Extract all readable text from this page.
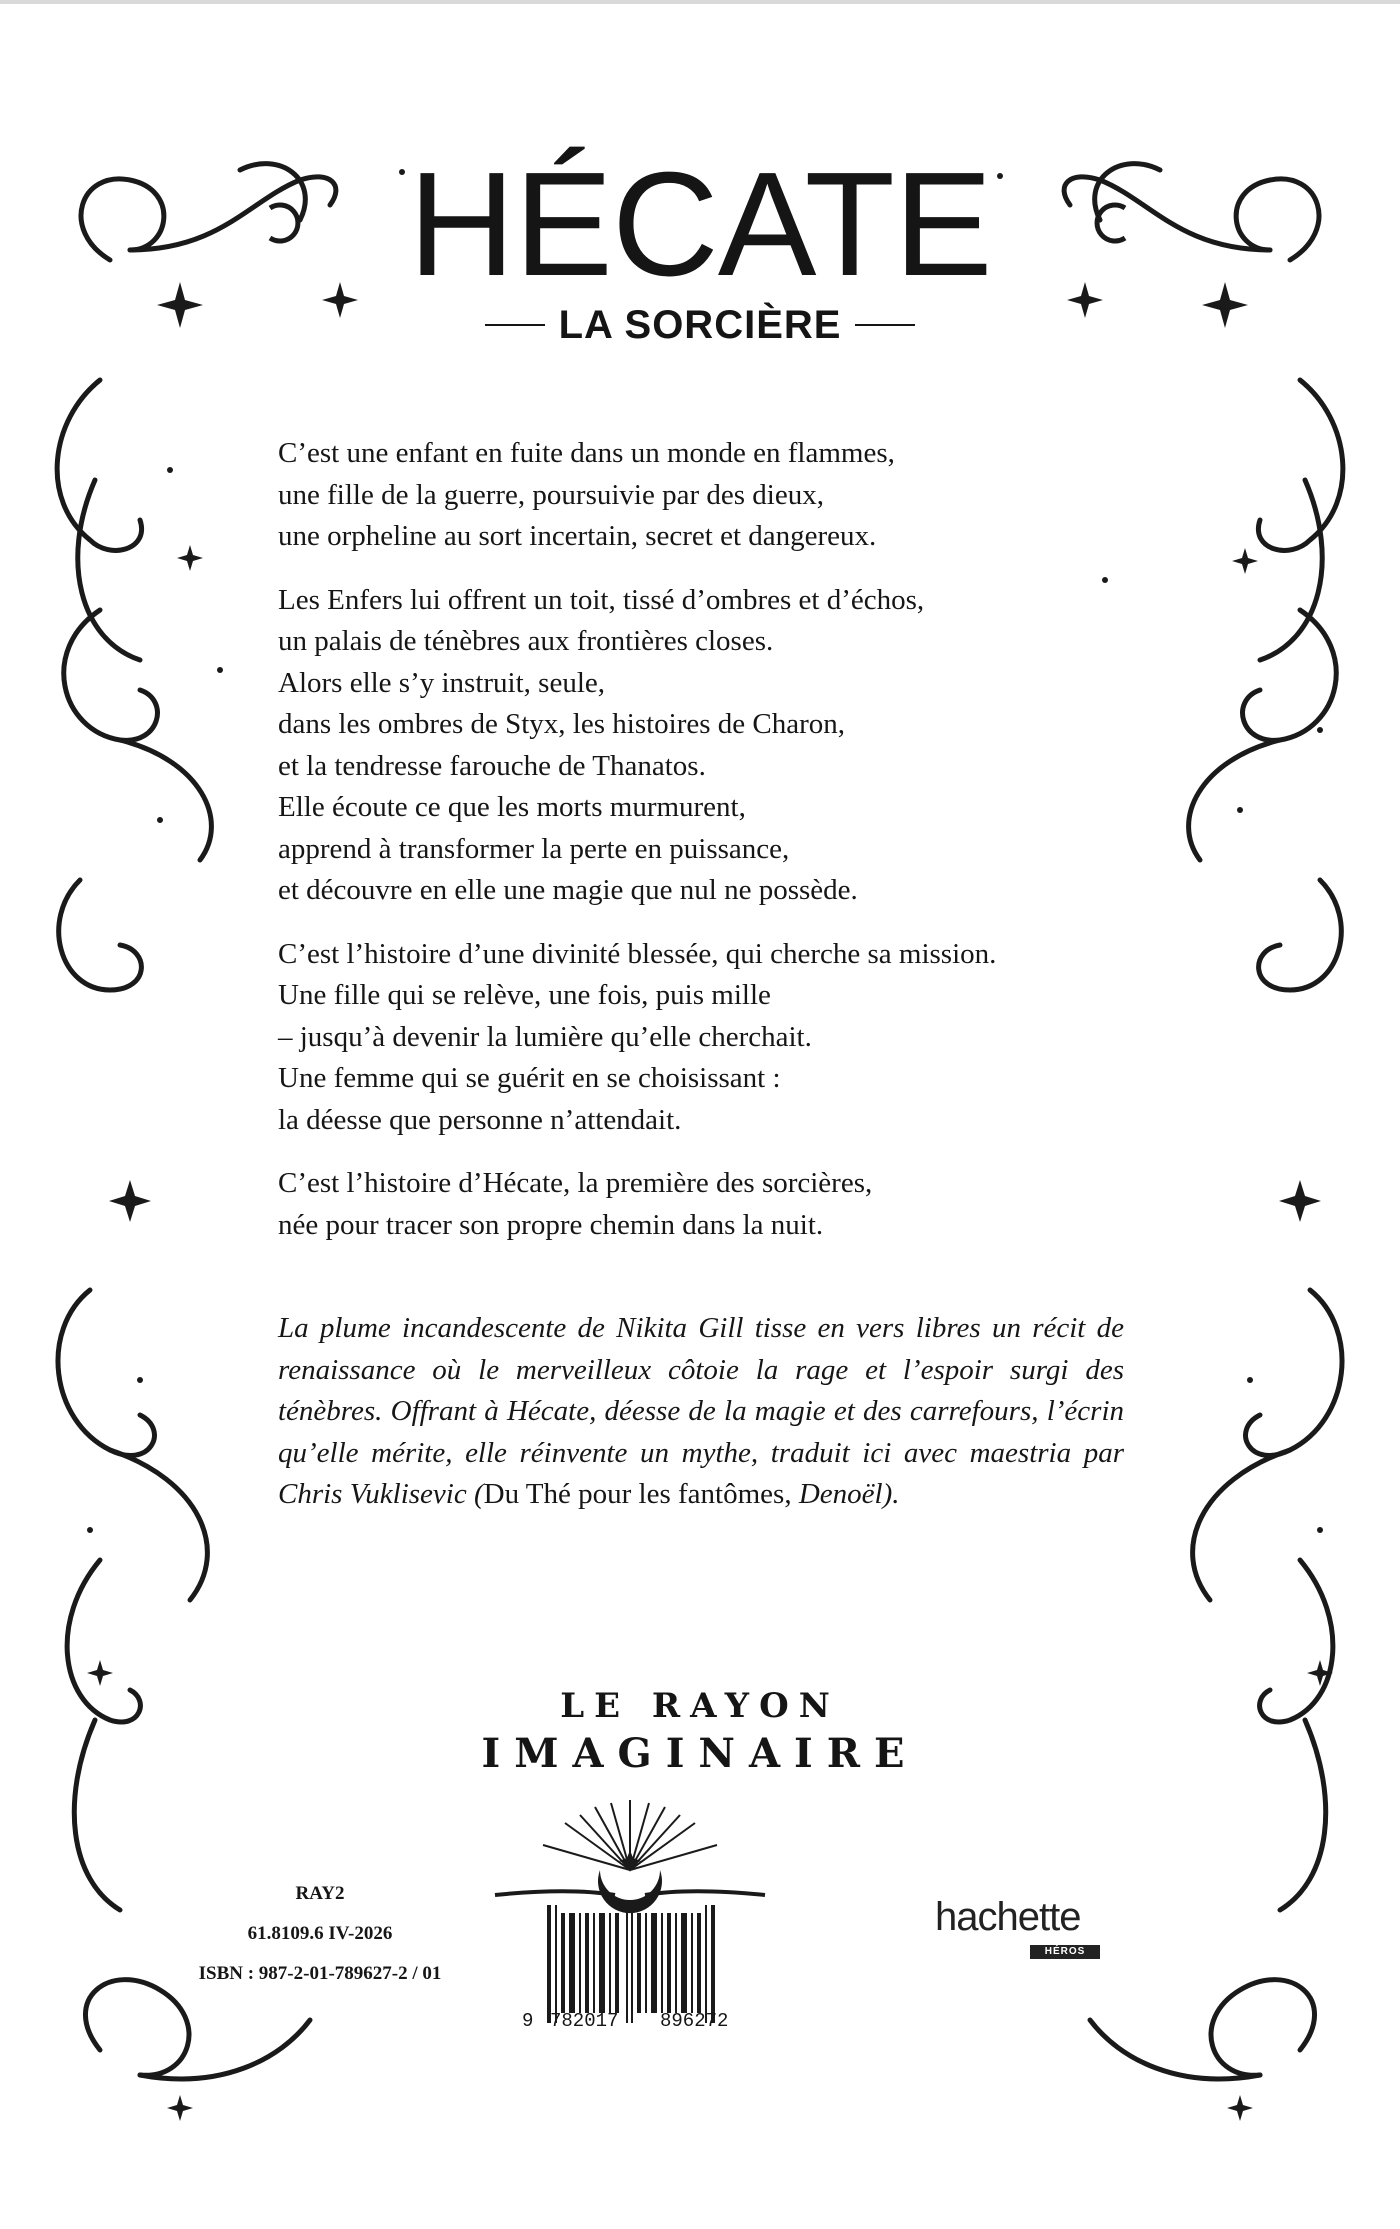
HÉCATE
LA SORCIÈRE
C’est une enfant en fuite dans un monde en flammes,
une fille de la guerre, poursuivie par des dieux,
une orpheline au sort incertain, secret et dangereux.
Les Enfers lui offrent un toit, tissé d’ombres et d’échos,
un palais de ténèbres aux frontières closes.
Alors elle s’y instruit, seule,
dans les ombres de Styx, les histoires de Charon,
et la tendresse farouche de Thanatos.
Elle écoute ce que les morts murmurent,
apprend à transformer la perte en puissance,
et découvre en elle une magie que nul ne possède.
C’est l’histoire d’une divinité blessée, qui cherche sa mission.
Une fille qui se relève, une fois, puis mille
– jusqu’à devenir la lumière qu’elle cherchait.
Une femme qui se guérit en se choisissant :
la déesse que personne n’attendait.
C’est l’histoire d’Hécate, la première des sorcières,
née pour tracer son propre chemin dans la nuit.
La plume incandescente de Nikita Gill tisse en vers libres un récit de renaissance où le merveilleux côtoie la rage et l’espoir surgi des ténèbres. Offrant à Hécate, déesse de la magie et des carrefours, l’écrin qu’elle mérite, elle réinvente un mythe, traduit ici avec maestria par Chris Vuklisevic (Du Thé pour les fantômes, Denoël).
LE RAYON
IMAGINAIRE
RAY2
61.8109.6 IV-2026
ISBN : 987-2-01-789627-2 / 01
9 782017 896272
hachette
HÉROS
